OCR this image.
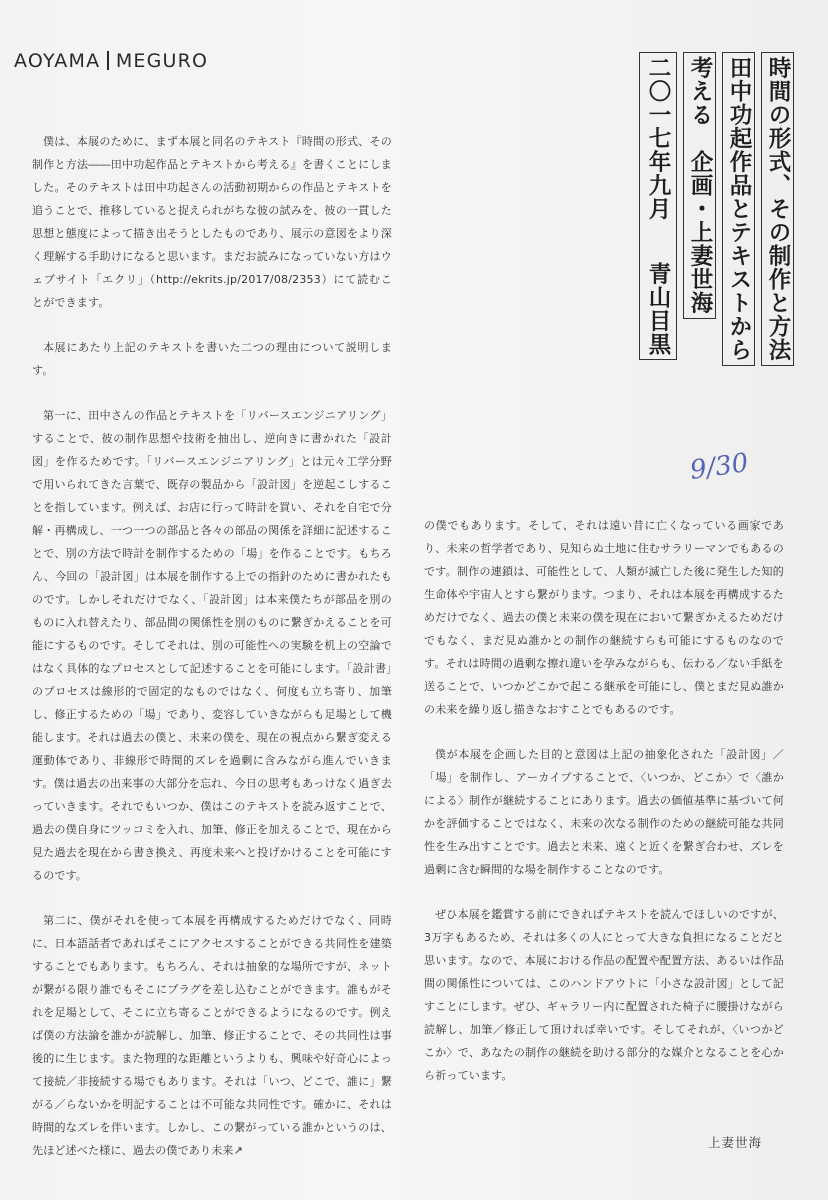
AOYAMA MEGURO	時間の形式、その制作と方法
田中功起作品とテキストから
考える　企画・上妻世海
二〇一七年九月
青山目黒
9/30

僕は、本展のために、まず本展と同名のテキスト『時間の形式、その制作と方法――田中功起作品とテキストから考える』を書くことにしました。そのテキストは田中功起さんの活動初期からの作品とテキストを追うことで、推移していると捉えられがちな彼の試みを、彼の一貫した思想と態度によって描き出そうとしたものであり、展示の意図をより深く理解する手助けになると思います。まだお読みになっていない方はウェブサイト「エクリ」（http://ekrits.jp/2017/08/2353）にて読むことができます。

本展にあたり上記のテキストを書いた二つの理由について説明します。

第一に、田中さんの作品とテキストを「リバースエンジニアリング」することで、彼の制作思想や技術を抽出し、逆向きに書かれた「設計図」を作るためです。「リバースエンジニアリング」とは元々工学分野で用いられてきた言葉で、既存の製品から「設計図」を逆起こしすることを指しています。例えば、お店に行って時計を買い、それを自宅で分解・再構成し、一つ一つの部品と各々の部品の関係を詳細に記述することで、別の方法で時計を制作するための「場」を作ることです。もちろん、今回の「設計図」は本展を制作する上での指針のために書かれたものです。しかしそれだけでなく、「設計図」は本来僕たちが部品を別のものに入れ替えたり、部品間の関係性を別のものに繋ぎかえることを可能にするものです。そしてそれは、別の可能性への実験を机上の空論ではなく具体的なプロセスとして記述することを可能にします。「設計書」のプロセスは線形的で固定的なものではなく、何度も立ち寄り、加筆し、修正するための「場」であり、変容していきながらも足場として機能します。それは過去の僕と、未来の僕を、現在の視点から繋ぎ変える運動体であり、非線形で時間的ズレを過剰に含みながら進んでいきます。僕は過去の出来事の大部分を忘れ、今日の思考もあっけなく過ぎ去っていきます。それでもいつか、僕はこのテキストを読み返すことで、過去の僕自身にツッコミを入れ、加筆、修正を加えることで、現在から見た過去を現在から書き換え、再度未来へと投げかけることを可能にするのです。

第二に、僕がそれを使って本展を再構成するためだけでなく、同時に、日本語話者であればそこにアクセスすることができる共同性を建築することでもあります。もちろん、それは抽象的な場所ですが、ネットが繋がる限り誰でもそこにプラグを差し込むことができます。誰もがそれを足場として、そこに立ち寄ることができるようになるのです。例えば僕の方法論を誰かが読解し、加筆、修正することで、その共同性は事後的に生じます。また物理的な距離というよりも、興味や好奇心によって接続／非接続する場でもあります。それは「いつ、どこで、誰に」繋がる／らないかを明記することは不可能な共同性です。確かに、それは時間的なズレを伴います。しかし、この繋がっている誰かというのは、先ほど述べた様に、過去の僕であり未来↗

の僕でもあります。そして、それは遠い昔に亡くなっている画家であり、未来の哲学者であり、見知らぬ土地に住むサラリーマンでもあるのです。制作の連鎖は、可能性として、人類が滅亡した後に発生した知的生命体や宇宙人とすら繋がります。つまり、それは本展を再構成するためだけでなく、過去の僕と未来の僕を現在において繋ぎかえるためだけでもなく、まだ見ぬ誰かとの制作の継続すらも可能にするものなのです。それは時間の過剰な擦れ違いを孕みながらも、伝わる／ない手紙を送ることで、いつかどこかで起こる継承を可能にし、僕とまだ見ぬ誰かの未来を繰り返し描きなおすことでもあるのです。

僕が本展を企画した目的と意図は上記の抽象化された「設計図」／「場」を制作し、アーカイブすることで、〈いつか、どこか〉で〈誰かによる〉制作が継続することにあります。過去の価値基準に基づいて何かを評価することではなく、未来の次なる制作のための継続可能な共同性を生み出すことです。過去と未来、遠くと近くを繋ぎ合わせ、ズレを過剰に含む瞬間的な場を制作することなのです。

ぜひ本展を鑑賞する前にできればテキストを読んでほしいのですが、3万字もあるため、それは多くの人にとって大きな負担になることだと思います。なので、本展における作品の配置や配置方法、あるいは作品間の関係性については、このハンドアウトに「小さな設計図」として記すことにします。ぜひ、ギャラリー内に配置された椅子に腰掛けながら読解し、加筆／修正して頂ければ幸いです。そしてそれが、〈いつかどこか〉で、あなたの制作の継続を助ける部分的な媒介となることを心から祈っています。

上妻世海
